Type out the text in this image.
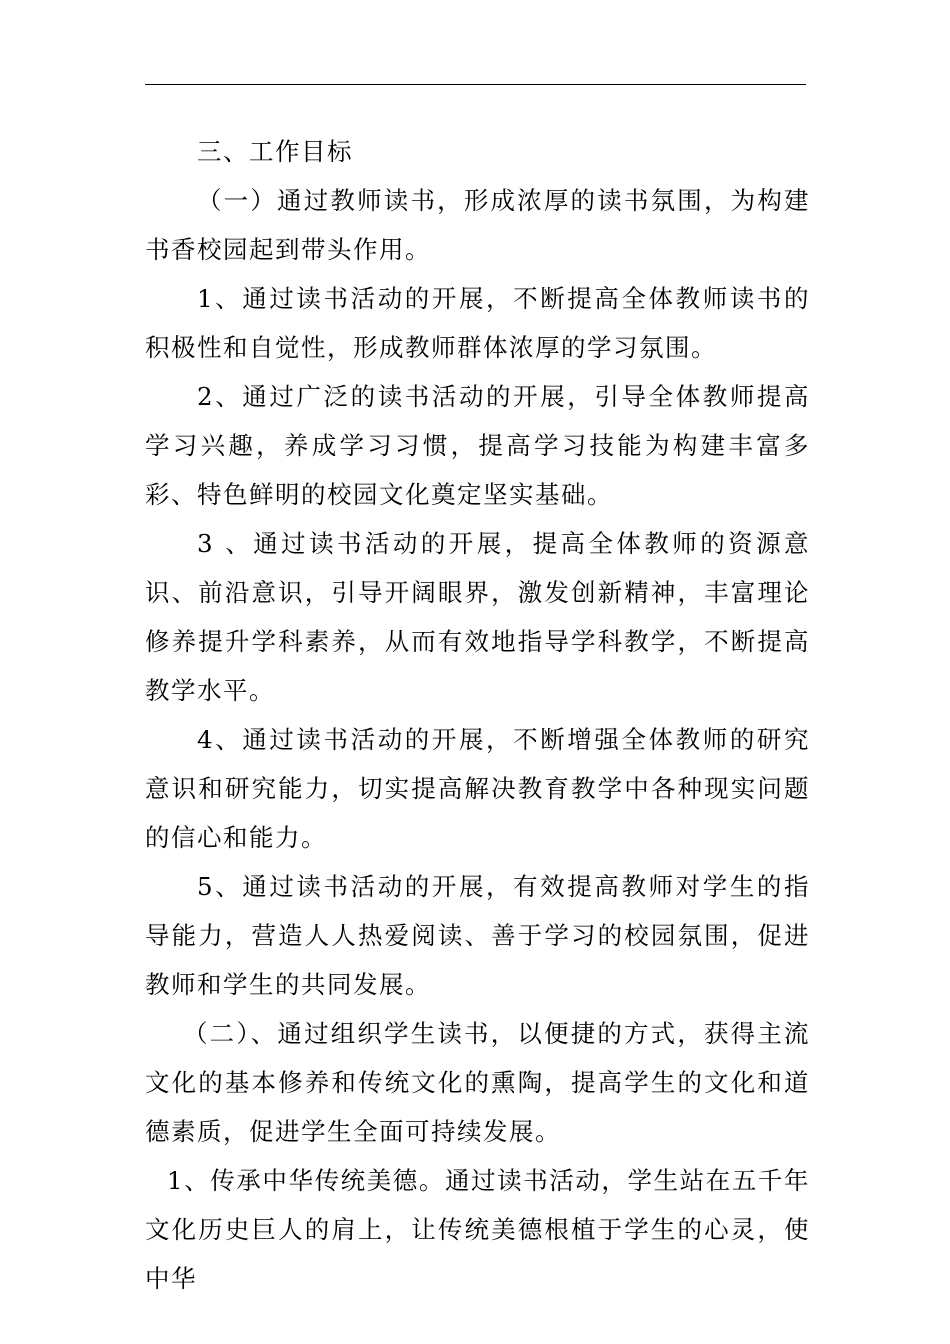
三、工作目标

（一）通过教师读书，形成浓厚的读书氛围，为构建书香校园起到带头作用。

1、通过读书活动的开展，不断提高全体教师读书的积极性和自觉性，形成教师群体浓厚的学习氛围。

2、通过广泛的读书活动的开展，引导全体教师提高学习兴趣，养成学习习惯，提高学习技能为构建丰富多彩、特色鲜明的校园文化奠定坚实基础。

3 、通过读书活动的开展，提高全体教师的资源意识、前沿意识，引导开阔眼界，激发创新精神，丰富理论修养提升学科素养，从而有效地指导学科教学，不断提高教学水平。

4、通过读书活动的开展，不断增强全体教师的研究意识和研究能力，切实提高解决教育教学中各种现实问题的信心和能力。

5、通过读书活动的开展，有效提高教师对学生的指导能力，营造人人热爱阅读、善于学习的校园氛围，促进教师和学生的共同发展。

（二）、通过组织学生读书，以便捷的方式，获得主流文化的基本修养和传统文化的熏陶，提高学生的文化和道德素质，促进学生全面可持续发展。

1、传承中华传统美德。通过读书活动，学生站在五千年文化历史巨人的肩上，让传统美德根植于学生的心灵，使中华
